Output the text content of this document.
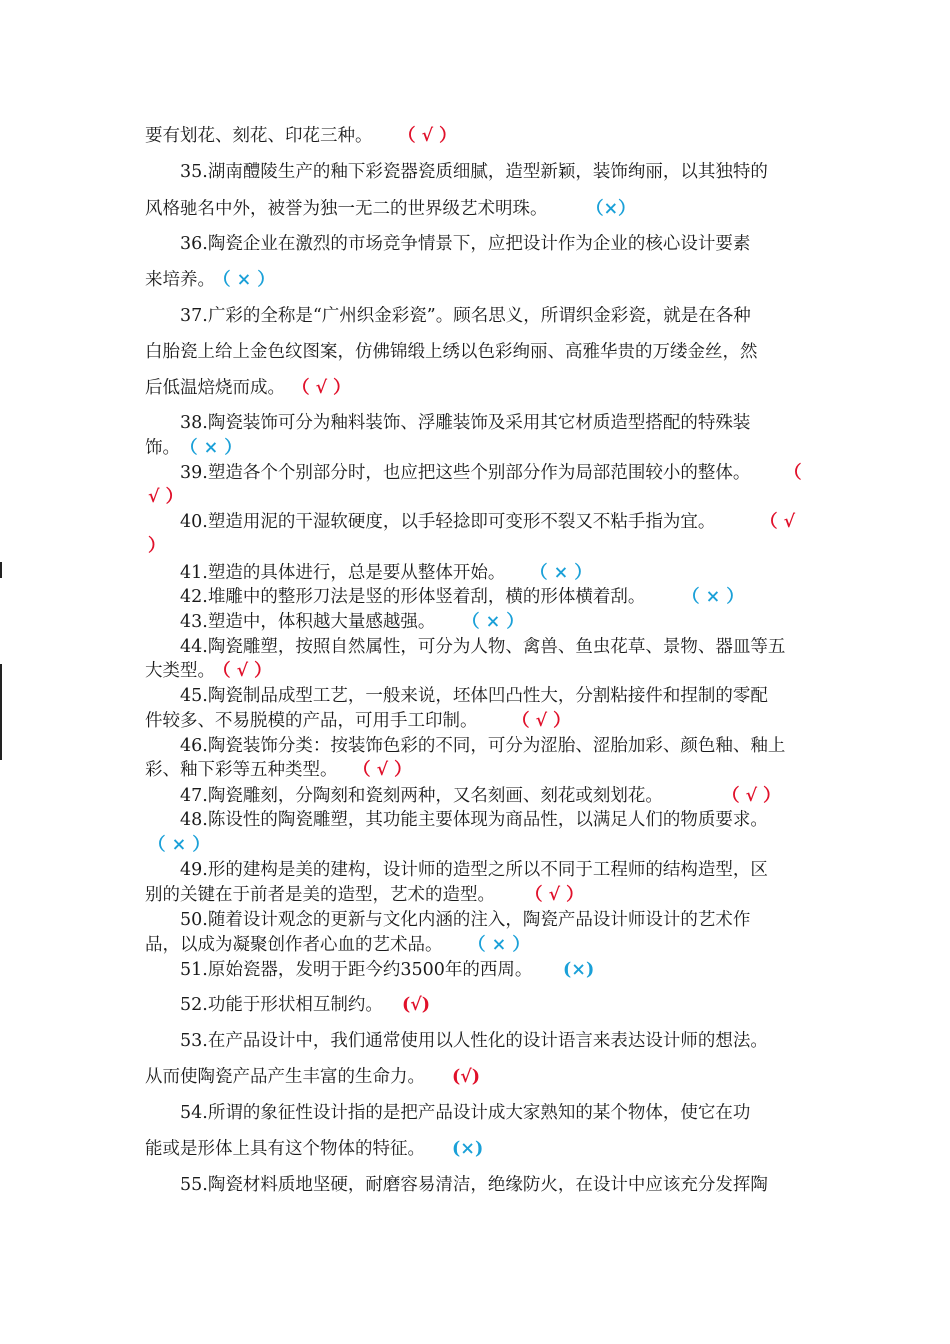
要有划花、刻花、印花三种。 （ √ ）
35.湖南醴陵生产的釉下彩瓷器瓷质细腻，造型新颖，装饰绚丽，以其独特的
风格驰名中外，被誉为独一无二的世界级艺术明珠。 （×）
36.陶瓷企业在激烈的市场竞争情景下，应把设计作为企业的核心设计要素
来培养。
（ × ）
37.广彩的全称是“广州织金彩瓷”。顾名思义，所谓织金彩瓷，就是在各种
白胎瓷上给上金色纹图案，仿佛锦缎上绣以色彩绚丽、高雅华贵的万缕金丝，然
后低温焙烧而成。 （ √ ）
38.陶瓷装饰可分为釉料装饰、浮雕装饰及采用其它材质造型搭配的特殊装
饰。 （ × ）
39.塑造各个个别部分时，也应把这些个别部分作为局部范围较小的整体。 （
√ ）
40.塑造用泥的干湿软硬度，以手轻捻即可变形不裂又不粘手指为宜。	（ √
）
41.塑造的具体进行，总是要从整体开始。 （ × ）
42.堆雕中的整形刀法是竖的形体竖着刮，横的形体横着刮。 （ × ）
43.塑造中，体积越大量感越强。 （ × ）
44.陶瓷雕塑，按照自然属性，可分为人物、禽兽、鱼虫花草、景物、器皿等五
大类型。
（ √ ）
45.陶瓷制品成型工艺，一般来说，坯体凹凸性大，分割粘接件和捏制的零配
件较多、不易脱模的产品，可用手工印制。 （ √ ）
46.陶瓷装饰分类：按装饰色彩的不同，可分为涩胎、涩胎加彩、颜色釉、釉上
彩、釉下彩等五种类型。 （ √ ）
47.陶瓷雕刻，分陶刻和瓷刻两种，又名刻画、刻花或刻划花。	（ √ ）
48.陈设性的陶瓷雕塑，其功能主要体现为商品性，以满足人们的物质要求。
（ × ）
49.形的建构是美的建构，设计师的造型之所以不同于工程师的结构造型，区
别的关键在于前者是美的造型，艺术的造型。 （ √ ）
50.随着设计观念的更新与文化内涵的注入，陶瓷产品设计师设计的艺术作
品，以成为凝聚创作者心血的艺术品。 （ × ）
51.原始瓷器，发明于距今约3500年的西周。 (×)
52.功能于形状相互制约。 (√)
53.在产品设计中，我们通常使用以人性化的设计语言来表达设计师的想法。
从而使陶瓷产品产生丰富的生命力。 (√)
54.所谓的象征性设计指的是把产品设计成大家熟知的某个物体，使它在功
能或是形体上具有这个物体的特征。 (×)
55.陶瓷材料质地坚硬，耐磨容易清洁，绝缘防火，在设计中应该充分发挥陶
